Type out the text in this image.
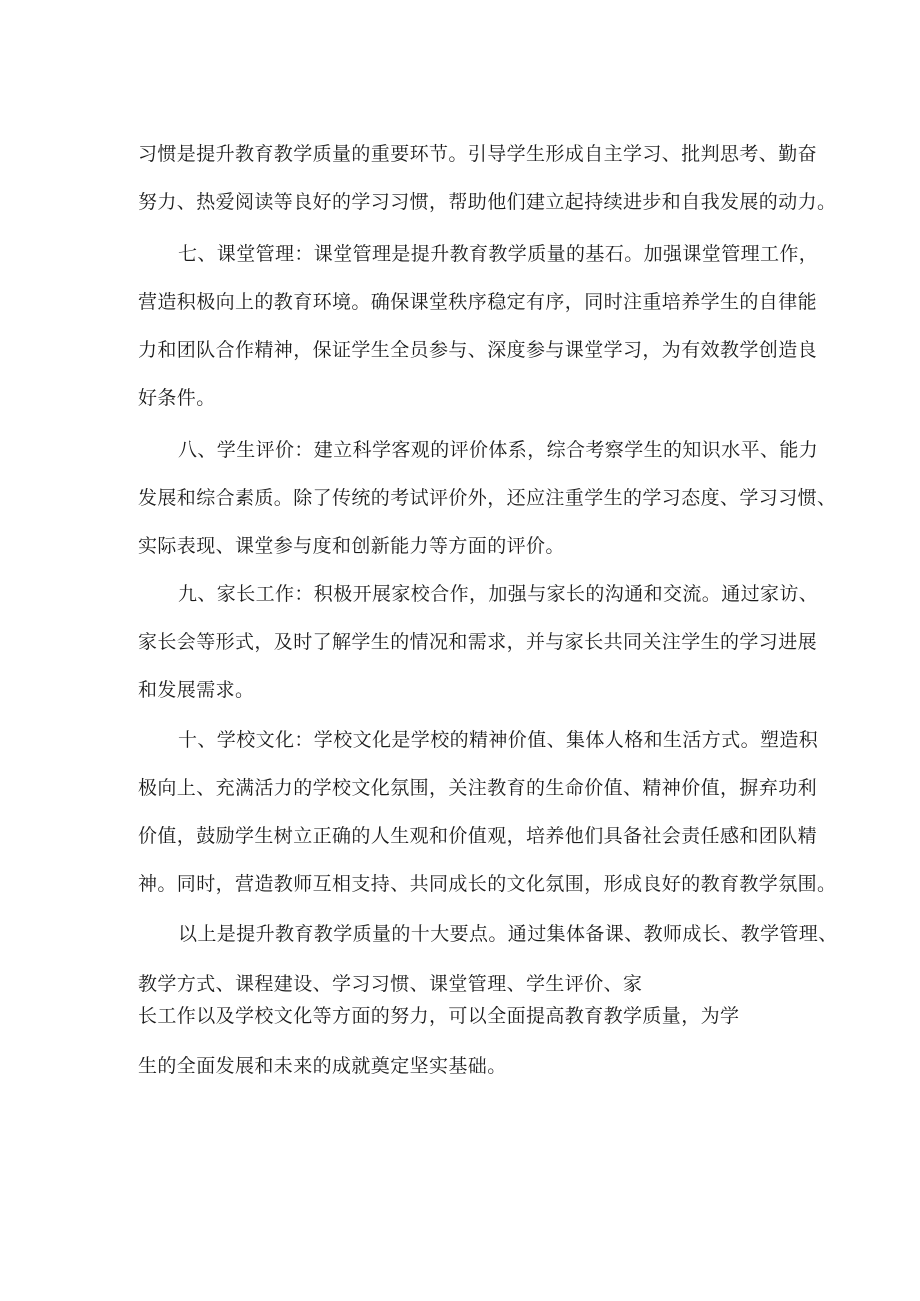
习惯是提升教育教学质量的重要环节。引导学生形成自主学习、批判思考、勤奋
努力、热爱阅读等良好的学习习惯，帮助他们建立起持续进步和自我发展的动力。
七、课堂管理：课堂管理是提升教育教学质量的基石。加强课堂管理工作，
营造积极向上的教育环境。确保课堂秩序稳定有序，同时注重培养学生的自律能
力和团队合作精神，保证学生全员参与、深度参与课堂学习，为有效教学创造良
好条件。
八、学生评价：建立科学客观的评价体系，综合考察学生的知识水平、能力
发展和综合素质。除了传统的考试评价外，还应注重学生的学习态度、学习习惯、
实际表现、课堂参与度和创新能力等方面的评价。
九、家长工作：积极开展家校合作，加强与家长的沟通和交流。通过家访、
家长会等形式，及时了解学生的情况和需求，并与家长共同关注学生的学习进展
和发展需求。
十、学校文化：学校文化是学校的精神价值、集体人格和生活方式。塑造积
极向上、充满活力的学校文化氛围，关注教育的生命价值、精神价值，摒弃功利
价值，鼓励学生树立正确的人生观和价值观，培养他们具备社会责任感和团队精
神。同时，营造教师互相支持、共同成长的文化氛围，形成良好的教育教学氛围。
以上是提升教育教学质量的十大要点。通过集体备课、教师成长、教学管理、
教学方式、课程建设、学习习惯、课堂管理、学生评价、家
长工作以及学校文化等方面的努力，可以全面提高教育教学质量，为学
生的全面发展和未来的成就奠定坚实基础。
